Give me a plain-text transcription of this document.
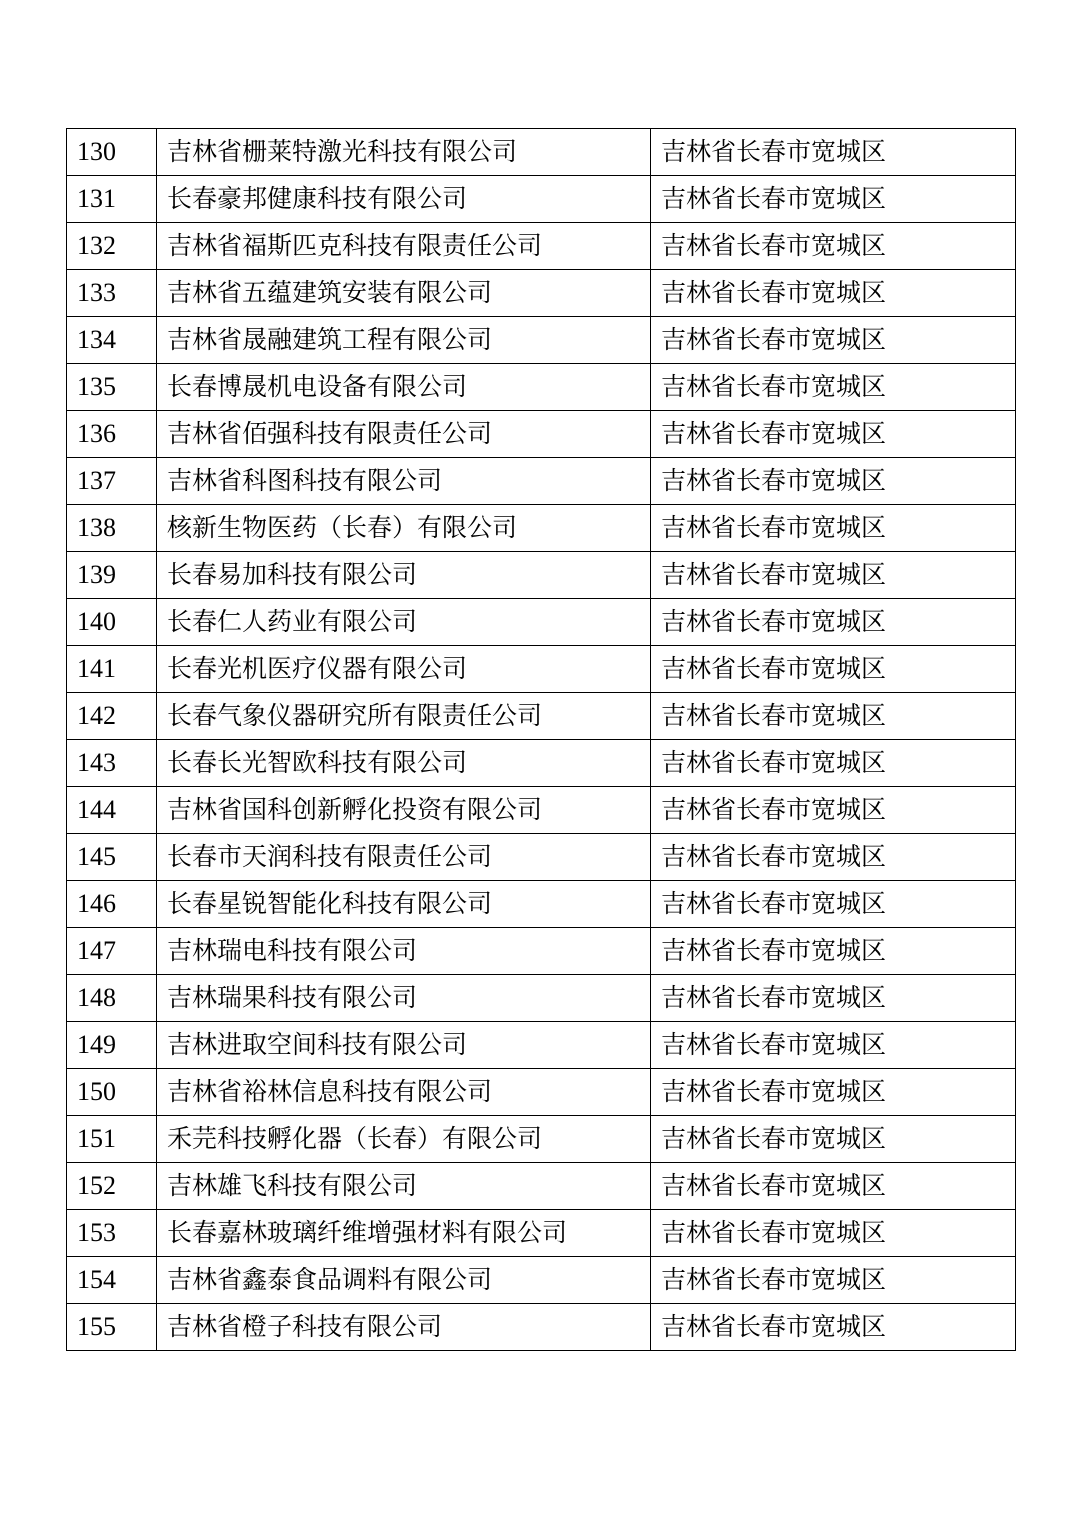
130	吉林省栅莱特激光科技有限公司	吉林省长春市宽城区
131	长春豪邦健康科技有限公司	吉林省长春市宽城区
132	吉林省福斯匹克科技有限责任公司	吉林省长春市宽城区
133	吉林省五蕴建筑安装有限公司	吉林省长春市宽城区
134	吉林省晟融建筑工程有限公司	吉林省长春市宽城区
135	长春博晟机电设备有限公司	吉林省长春市宽城区
136	吉林省佰强科技有限责任公司	吉林省长春市宽城区
137	吉林省科图科技有限公司	吉林省长春市宽城区
138	核新生物医药（长春）有限公司	吉林省长春市宽城区
139	长春易加科技有限公司	吉林省长春市宽城区
140	长春仁人药业有限公司	吉林省长春市宽城区
141	长春光机医疗仪器有限公司	吉林省长春市宽城区
142	长春气象仪器研究所有限责任公司	吉林省长春市宽城区
143	长春长光智欧科技有限公司	吉林省长春市宽城区
144	吉林省国科创新孵化投资有限公司	吉林省长春市宽城区
145	长春市天润科技有限责任公司	吉林省长春市宽城区
146	长春星锐智能化科技有限公司	吉林省长春市宽城区
147	吉林瑞电科技有限公司	吉林省长春市宽城区
148	吉林瑞果科技有限公司	吉林省长春市宽城区
149	吉林进取空间科技有限公司	吉林省长春市宽城区
150	吉林省裕林信息科技有限公司	吉林省长春市宽城区
151	禾芫科技孵化器（长春）有限公司	吉林省长春市宽城区
152	吉林雄飞科技有限公司	吉林省长春市宽城区
153	长春嘉林玻璃纤维增强材料有限公司	吉林省长春市宽城区
154	吉林省鑫泰食品调料有限公司	吉林省长春市宽城区
155	吉林省橙子科技有限公司	吉林省长春市宽城区
